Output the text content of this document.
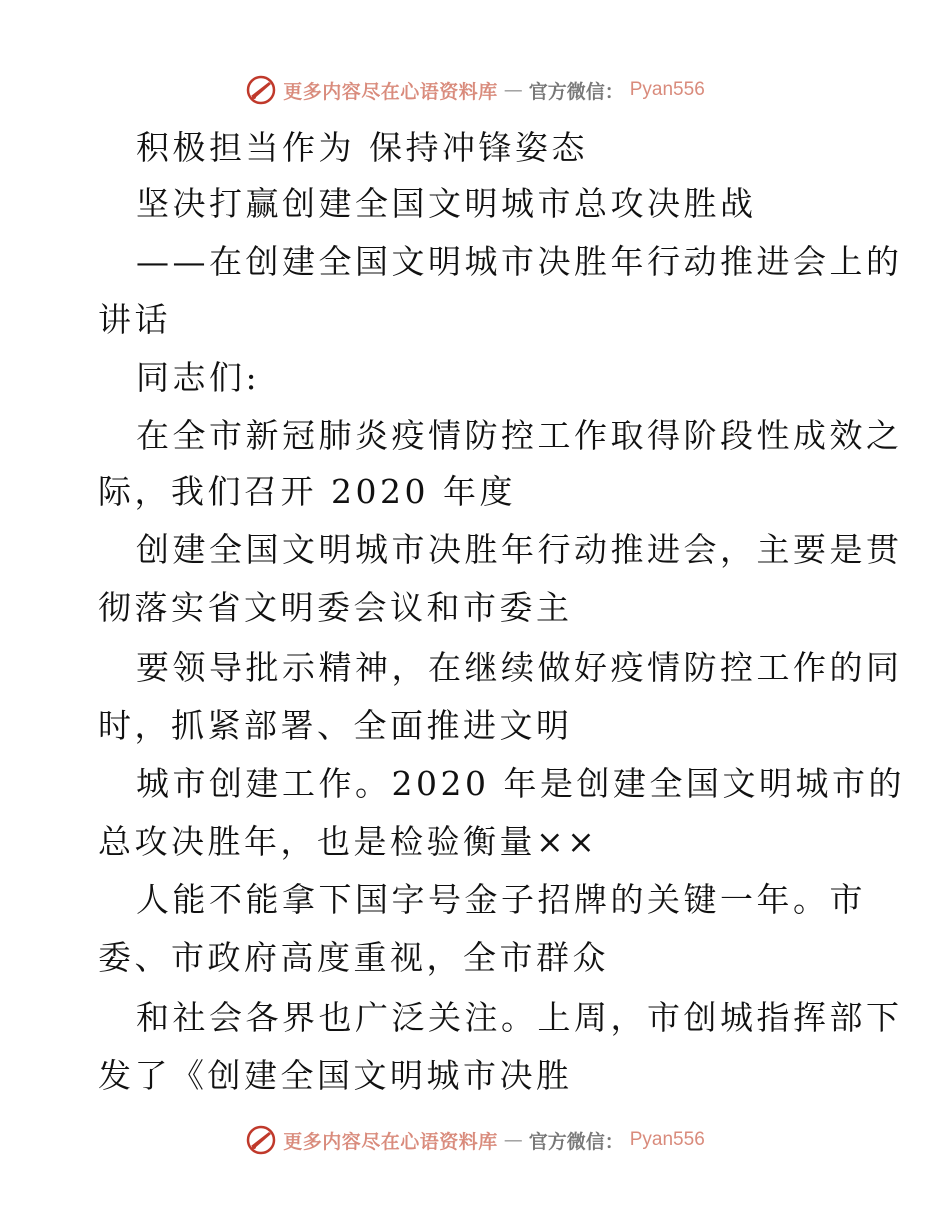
更多内容尽在心语资料库 — 官方微信： Pyan556
积极担当作为 保持冲锋姿态
坚决打赢创建全国文明城市总攻决胜战
——在创建全国文明城市决胜年行动推进会上的
讲话
同志们:
在全市新冠肺炎疫情防控工作取得阶段性成效之
际，我们召开 2020 年度
创建全国文明城市决胜年行动推进会，主要是贯
彻落实省文明委会议和市委主
要领导批示精神，在继续做好疫情防控工作的同
时，抓紧部署、全面推进文明
城市创建工作。2020 年是创建全国文明城市的
总攻决胜年，也是检验衡量××
人能不能拿下国字号金子招牌的关键一年。市
委、市政府高度重视，全市群众
和社会各界也广泛关注。上周，市创城指挥部下
发了《创建全国文明城市决胜
更多内容尽在心语资料库 — 官方微信： Pyan556
